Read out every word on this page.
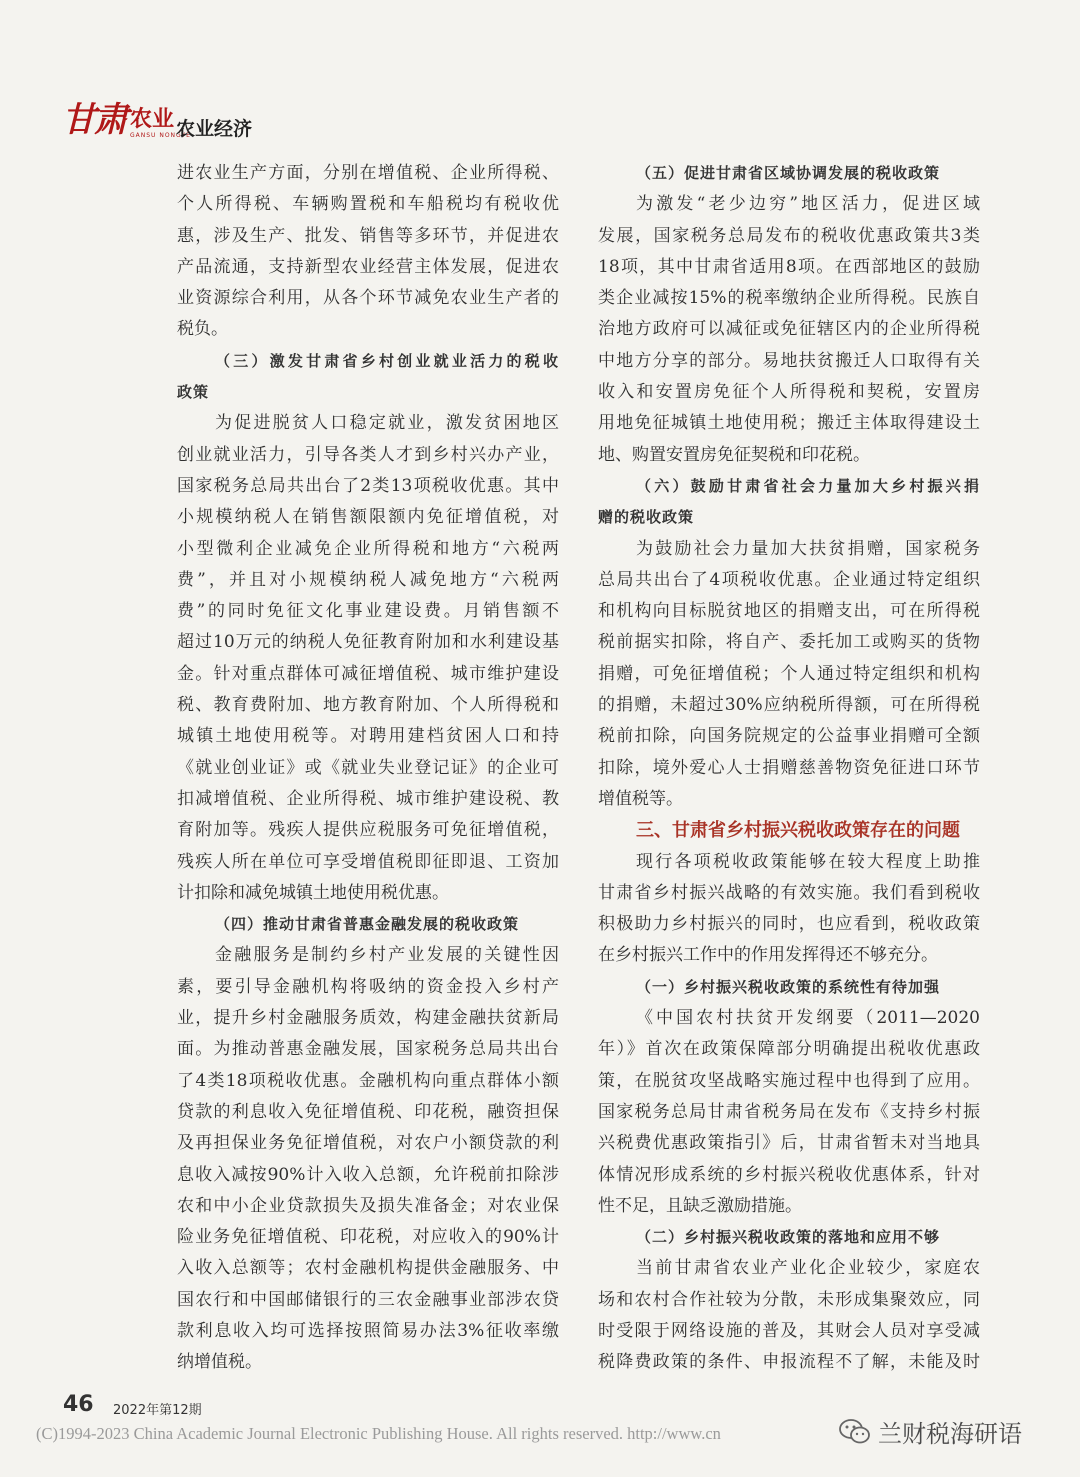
甘肃 农业
GANSU NONGYE
农业经济
进农业生产方面，分别在增值税、企业所得税、
个人所得税、车辆购置税和车船税均有税收优
惠，涉及生产、批发、销售等多环节，并促进农
产品流通，支持新型农业经营主体发展，促进农
业资源综合利用，从各个环节减免农业生产者的
税负。
（三）激发甘肃省乡村创业就业活力的税收
政策
为促进脱贫人口稳定就业，激发贫困地区
创业就业活力，引导各类人才到乡村兴办产业，
国家税务总局共出台了2类13项税收优惠。其中
小规模纳税人在销售额限额内免征增值税，对
小型微利企业减免企业所得税和地方“六税两
费”，并且对小规模纳税人减免地方“六税两
费”的同时免征文化事业建设费。月销售额不
超过10万元的纳税人免征教育附加和水利建设基
金。针对重点群体可减征增值税、城市维护建设
税、教育费附加、地方教育附加、个人所得税和
城镇土地使用税等。对聘用建档贫困人口和持
《就业创业证》或《就业失业登记证》的企业可
扣减增值税、企业所得税、城市维护建设税、教
育附加等。残疾人提供应税服务可免征增值税，
残疾人所在单位可享受增值税即征即退、工资加
计扣除和减免城镇土地使用税优惠。
（四）推动甘肃省普惠金融发展的税收政策
金融服务是制约乡村产业发展的关键性因
素，要引导金融机构将吸纳的资金投入乡村产
业，提升乡村金融服务质效，构建金融扶贫新局
面。为推动普惠金融发展，国家税务总局共出台
了4类18项税收优惠。金融机构向重点群体小额
贷款的利息收入免征增值税、印花税，融资担保
及再担保业务免征增值税，对农户小额贷款的利
息收入减按90%计入收入总额，允许税前扣除涉
农和中小企业贷款损失及损失准备金；对农业保
险业务免征增值税、印花税，对应收入的90%计
入收入总额等；农村金融机构提供金融服务、中
国农行和中国邮储银行的三农金融事业部涉农贷
款利息收入均可选择按照简易办法3%征收率缴
纳增值税。
（五）促进甘肃省区域协调发展的税收政策
为激发“老少边穷”地区活力，促进区域
发展，国家税务总局发布的税收优惠政策共3类
18项，其中甘肃省适用8项。在西部地区的鼓励
类企业减按15%的税率缴纳企业所得税。民族自
治地方政府可以减征或免征辖区内的企业所得税
中地方分享的部分。易地扶贫搬迁人口取得有关
收入和安置房免征个人所得税和契税，安置房
用地免征城镇土地使用税；搬迁主体取得建设土
地、购置安置房免征契税和印花税。
（六）鼓励甘肃省社会力量加大乡村振兴捐
赠的税收政策
为鼓励社会力量加大扶贫捐赠，国家税务
总局共出台了4项税收优惠。企业通过特定组织
和机构向目标脱贫地区的捐赠支出，可在所得税
税前据实扣除，将自产、委托加工或购买的货物
捐赠，可免征增值税；个人通过特定组织和机构
的捐赠，未超过30%应纳税所得额，可在所得税
税前扣除，向国务院规定的公益事业捐赠可全额
扣除，境外爱心人士捐赠慈善物资免征进口环节
增值税等。
三、甘肃省乡村振兴税收政策存在的问题
现行各项税收政策能够在较大程度上助推
甘肃省乡村振兴战略的有效实施。我们看到税收
积极助力乡村振兴的同时，也应看到，税收政策
在乡村振兴工作中的作用发挥得还不够充分。
（一）乡村振兴税收政策的系统性有待加强
《中国农村扶贫开发纲要（2011—2020
年）》首次在政策保障部分明确提出税收优惠政
策，在脱贫攻坚战略实施过程中也得到了应用。
国家税务总局甘肃省税务局在发布《支持乡村振
兴税费优惠政策指引》后，甘肃省暂未对当地具
体情况形成系统的乡村振兴税收优惠体系，针对
性不足，且缺乏激励措施。
（二）乡村振兴税收政策的落地和应用不够
当前甘肃省农业产业化企业较少，家庭农
场和农村合作社较为分散，未形成集聚效应，同
时受限于网络设施的普及，其财会人员对享受减
税降费政策的条件、申报流程不了解，未能及时
46 2022年第12期
(C)1994-2023 China Academic Journal Electronic Publishing House. All rights reserved. http://www.cn	兰财税海研语
